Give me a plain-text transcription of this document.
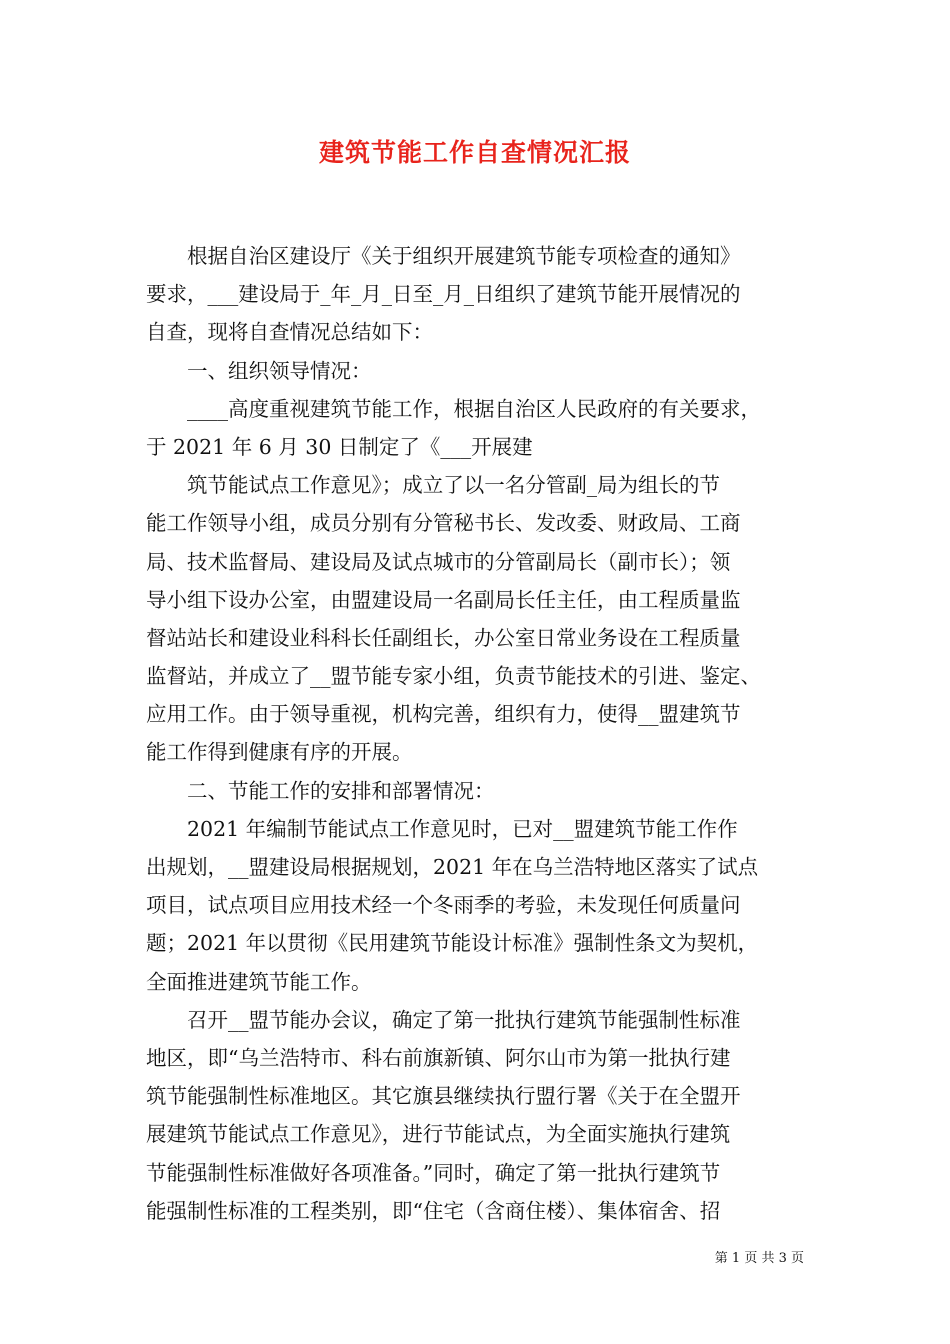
建筑节能工作自查情况汇报

　　根据自治区建设厅《关于组织开展建筑节能专项检查的通知》

要求，___建设局于_年_月_日至_月_日组织了建筑节能开展情况的

自查，现将自查情况总结如下：

　　一、组织领导情况：

　　____高度重视建筑节能工作，根据自治区人民政府的有关要求，

于 2021 年 6 月 30 日制定了《___开展建

　　筑节能试点工作意见》；成立了以一名分管副_局为组长的节

能工作领导小组，成员分别有分管秘书长、发改委、财政局、工商

局、技术监督局、建设局及试点城市的分管副局长（副市长）；领

导小组下设办公室，由盟建设局一名副局长任主任，由工程质量监

督站站长和建设业科科长任副组长，办公室日常业务设在工程质量

监督站，并成立了__盟节能专家小组，负责节能技术的引进、鉴定、

应用工作。由于领导重视，机构完善，组织有力，使得__盟建筑节

能工作得到健康有序的开展。

　　二、节能工作的安排和部署情况：

　　2021 年编制节能试点工作意见时，已对__盟建筑节能工作作

出规划，__盟建设局根据规划，2021 年在乌兰浩特地区落实了试点

项目，试点项目应用技术经一个冬雨季的考验，未发现任何质量问

题；2021 年以贯彻《民用建筑节能设计标准》强制性条文为契机，

全面推进建筑节能工作。

　　召开__盟节能办会议，确定了第一批执行建筑节能强制性标准

地区，即“乌兰浩特市、科右前旗新镇、阿尔山市为第一批执行建

筑节能强制性标准地区。其它旗县继续执行盟行署《关于在全盟开

展建筑节能试点工作意见》，进行节能试点，为全面实施执行建筑

节能强制性标准做好各项准备。”同时，确定了第一批执行建筑节

能强制性标准的工程类别，即“住宅（含商住楼）、集体宿舍、招

第 1 页 共 3 页
